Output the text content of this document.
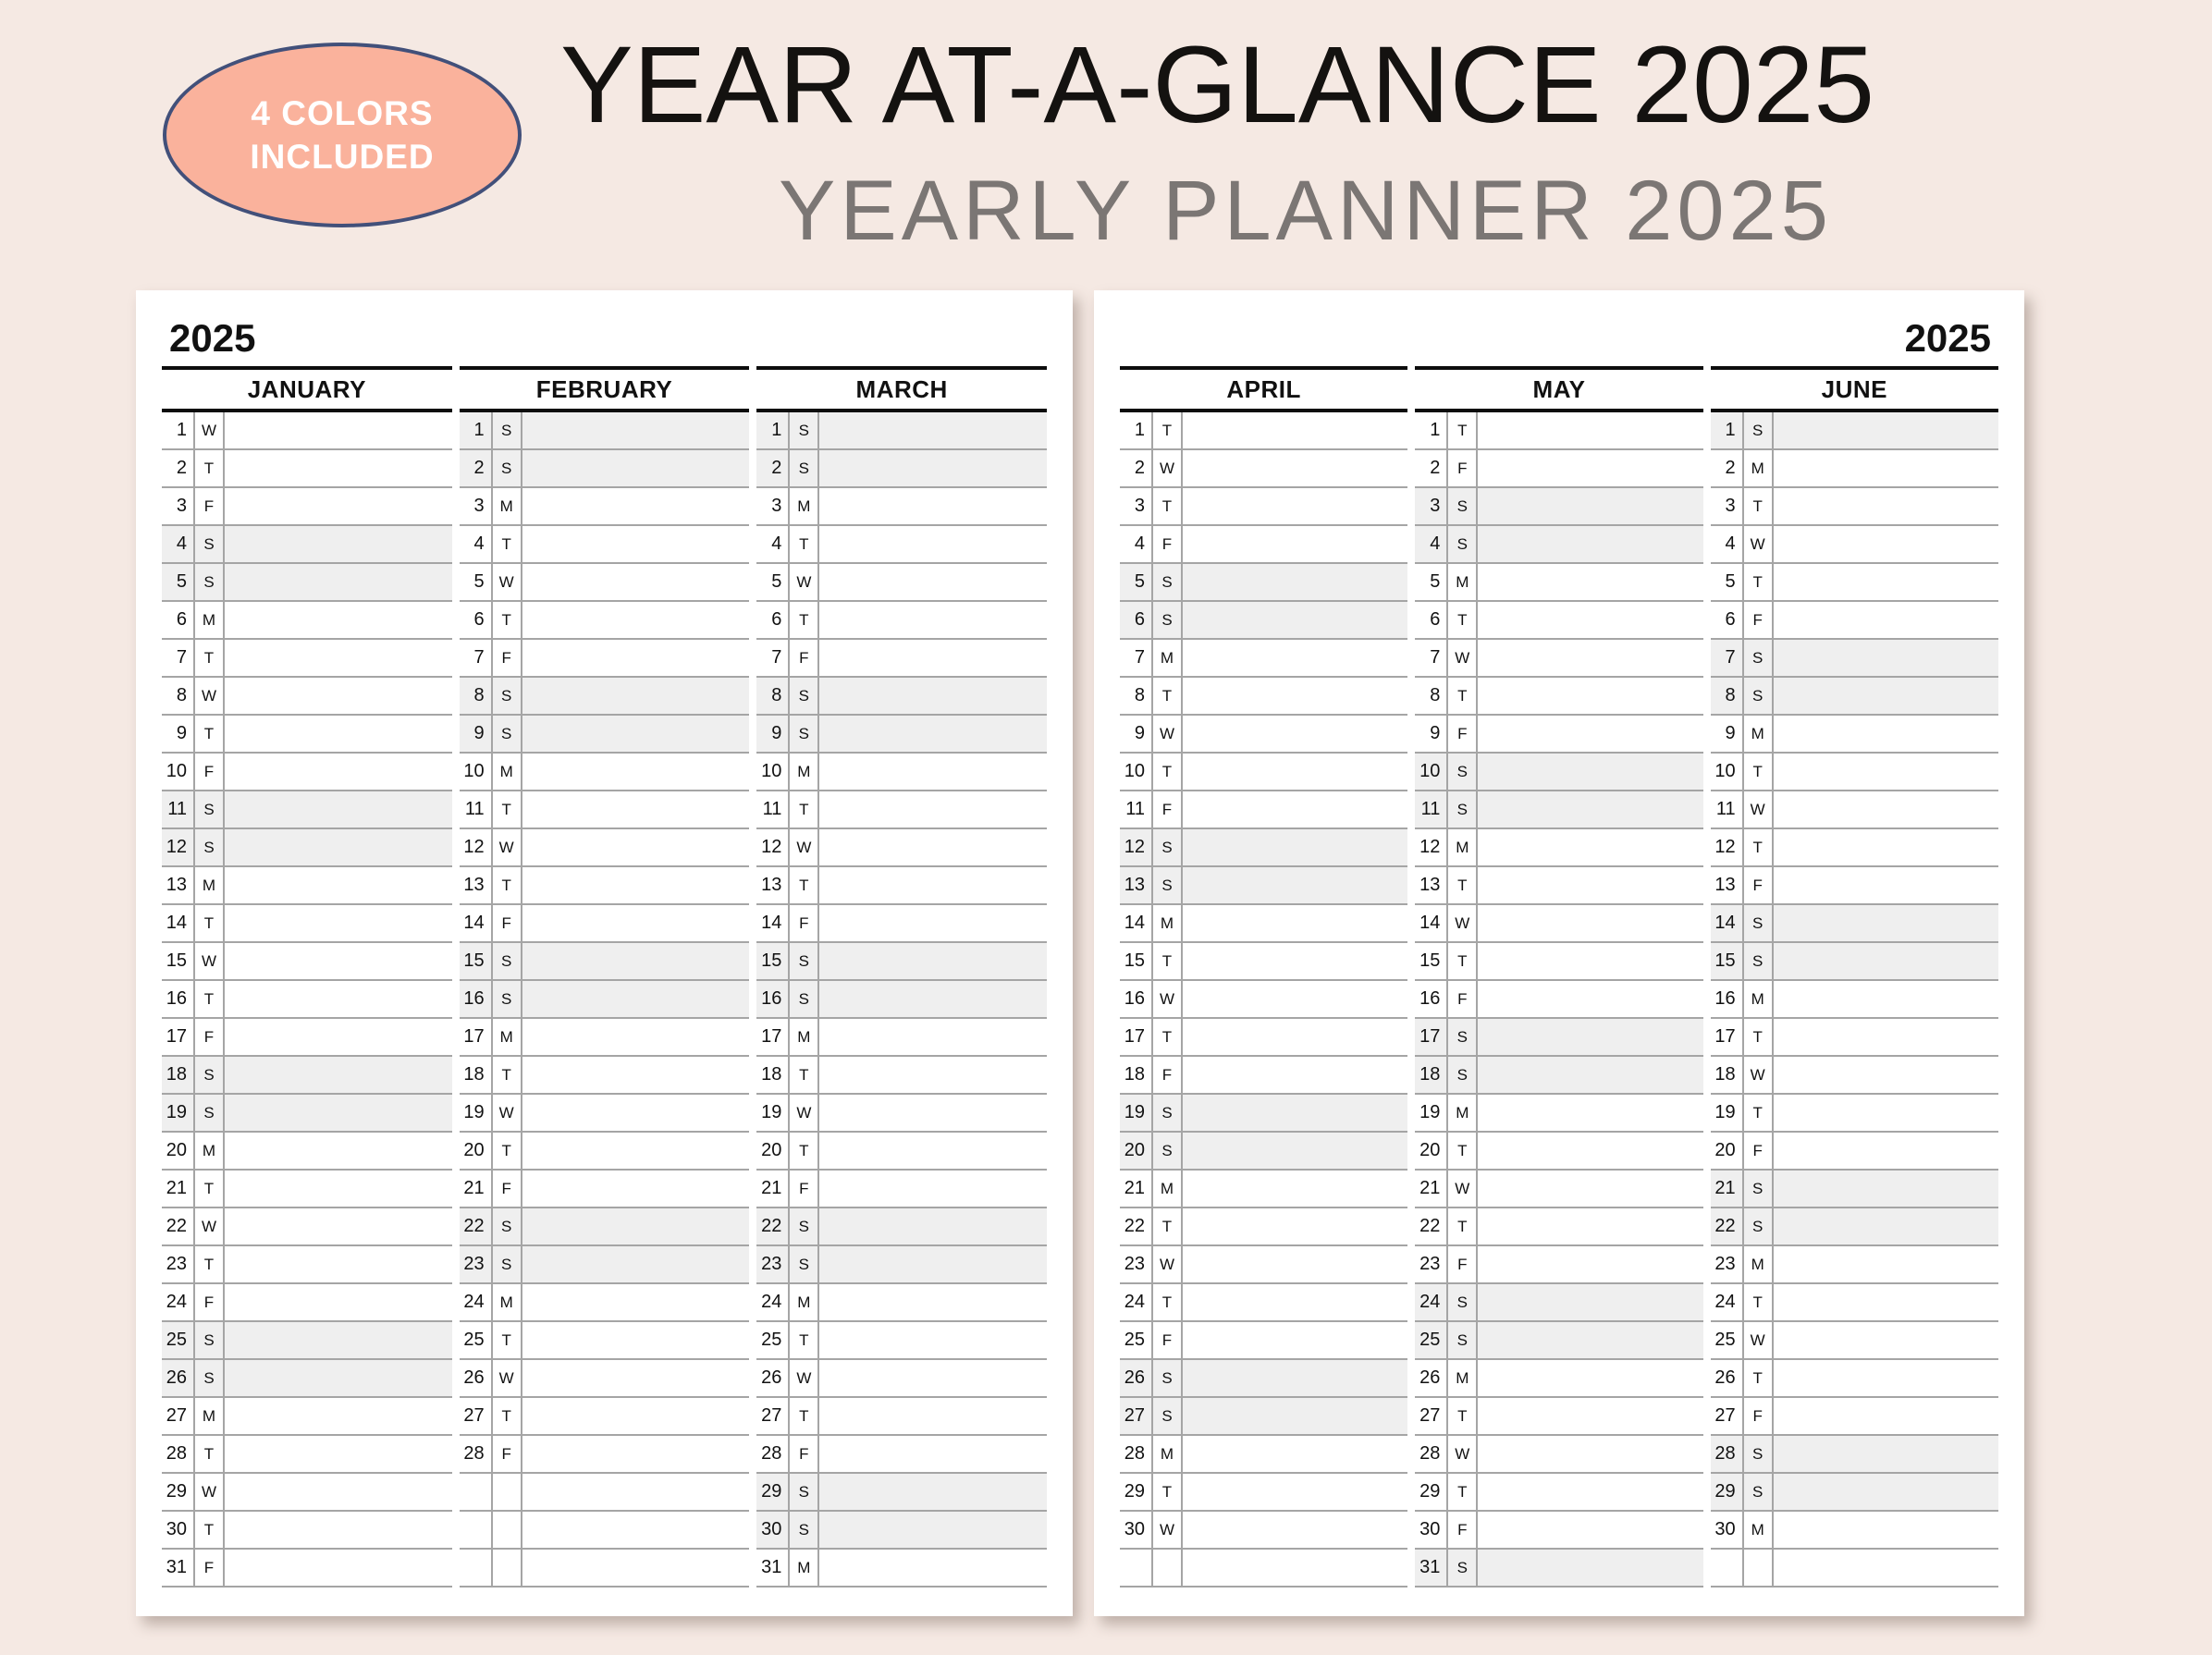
4 COLORS
INCLUDED
YEAR AT-A-GLANCE 2025
YEARLY PLANNER 2025
2025
JANUARY
1 W
2	T
3	F
4	S
5	S
6 M
7	T
8 W
9	T
10	F
11	S
12	S
13 M
14	T
15 W
16	T
17	F
18	S
19	S
20 M
21	T
22 W
23	T
24	F
25	S
26	S
27 M
28	T
29 W
30	T
31	F
FEBRUARY
1	S
2	S
3 M
4	T
5 W
6	T
7	F
8	S
9	S
10 M
11	T
12 W
13	T
14	F
15	S
16	S
17 M
18	T
19 W
20	T
21	F
22	S
23	S
24 M
25	T
26 W
27	T
28	F
MARCH
1	S
2	S
3 M
4	T
5 W
6	T
7	F
8	S
9	S
10 M
11	T
12 W
13	T
14	F
15	S
16	S
17 M
18	T
19 W
20	T
21	F
22	S
23	S
24 M
25	T
26 W
27	T
28	F
29	S
30	S
31 M
2025
APRIL
1	T
2 W
3	T
4	F
5	S
6	S
7 M
8	T
9 W
10	T
11	F
12	S
13	S
14 M
15	T
16 W
17	T
18	F
19	S
20	S
21 M
22	T
23 W
24	T
25	F
26	S
27	S
28 M
29	T
30 W
MAY
1	T
2	F
3	S
4	S
5 M
6	T
7 W
8	T
9	F
10	S
11	S
12 M
13	T
14 W
15	T
16	F
17	S
18	S
19 M
20	T
21 W
22	T
23	F
24	S
25	S
26 M
27	T
28 W
29	T
30	F
31	S
JUNE
1	S
2 M
3	T
4 W
5	T
6	F
7	S
8	S
9 M
10	T
11 W
12	T
13	F
14	S
15	S
16 M
17	T
18 W
19	T
20	F
21	S
22	S
23 M
24	T
25 W
26	T
27	F
28	S
29	S
30 M
